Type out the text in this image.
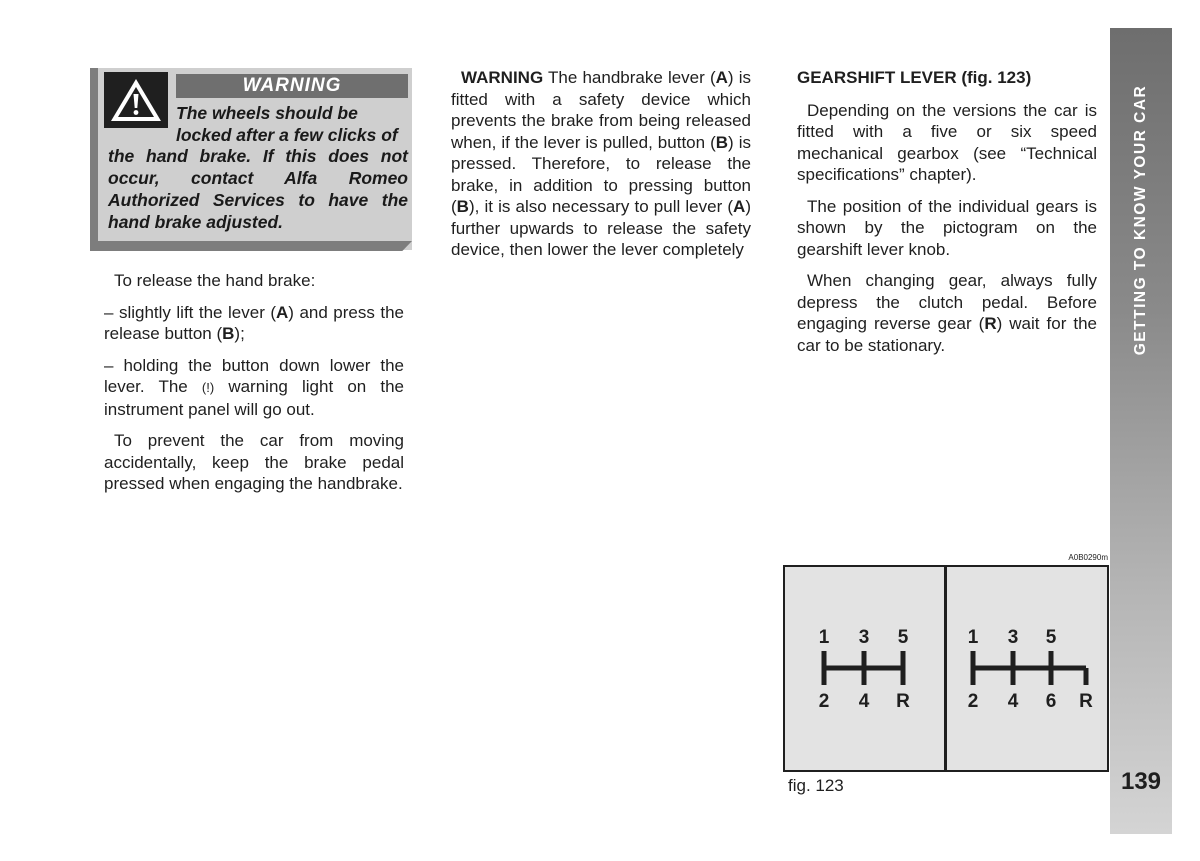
WARNING
The wheels should be
locked after a few clicks of
the hand brake. If this does not occur, contact Alfa Romeo Authorized Services to have the hand brake adjusted.

To release the hand brake:

– slightly lift the lever (A) and press the release button (B);

– holding the button down lower the lever. The (!) warning light on the instrument panel will go out.

To prevent the car from moving accidentally, keep the brake pedal pressed when engaging the handbrake.

WARNING The handbrake lever (A) is fitted with a safety device which prevents the brake from being released when, if the lever is pulled, button (B) is pressed. Therefore, to release the brake, in addition to pressing button (B), it is also necessary to pull lever (A) further upwards to release the safety device, then lower the lever completely

GEARSHIFT LEVER (fig. 123)

Depending on the versions the car is fitted with a five or six speed mechanical gearbox (see “Technical specifications” chapter).

The position of the individual gears is shown by the pictogram on the gearshift lever knob.

When changing gear, always fully depress the clutch pedal. Before engaging reverse gear (R) wait for the car to be stationary.

A0B0290m
1 3 5
2 4 R
1 3 5
2 4 6 R
fig. 123
GETTING TO KNOW YOUR CAR
139
